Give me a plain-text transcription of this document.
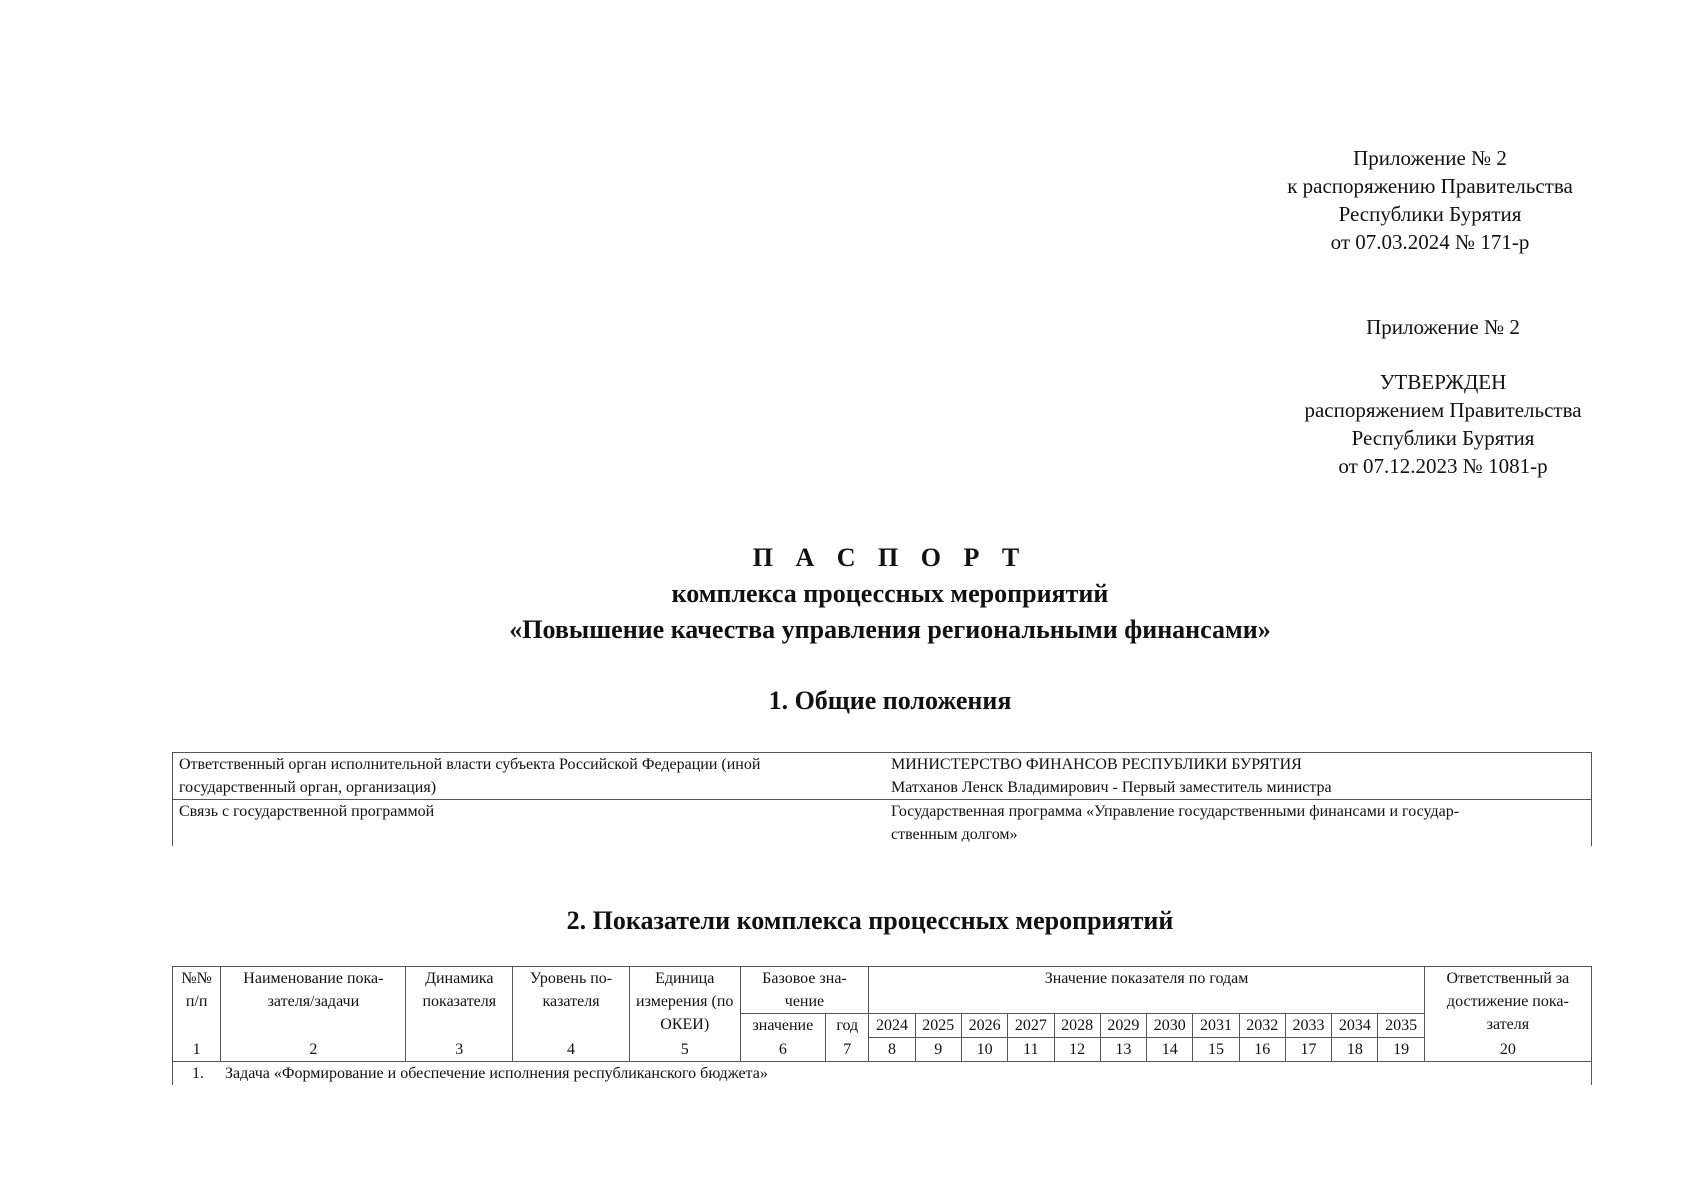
Приложение № 2
к распоряжению Правительства
Республики Бурятия
от 07.03.2024 № 171-р
Приложение № 2
УТВЕРЖДЕН
распоряжением Правительства
Республики Бурятия
от 07.12.2023 № 1081-р
П А С П О Р Т
комплекса процессных мероприятий
«Повышение качества управления региональными финансами»
1. Общие положения
Ответственный орган исполнительной власти субъекта Российской Федерации (иной государственный орган, организация)	МИНИСТЕРСТВО ФИНАНСОВ РЕСПУБЛИКИ БУРЯТИЯ
Матханов Ленск Владимирович - Первый заместитель министра

Связь с государственной программой	Государственная программа «Управление государственными финансами и государ-
ственным долгом»
2. Показатели комплекса процессных мероприятий
№№ п/п	Наименование пока-зателя/задачи	Динамика показателя	Уровень по-казателя	Единица измерения (по ОКЕИ)	Базовое зна-чение		Значение показателя по годам												Ответственный за достижение пока-зателя

					значение	год	2024	2025	2026	2027	2028	2029	2030	2031	2032	2033	2034	2035	
1	2	3	4	5	6	7	8	9	10	11	12	13	14	15	16	17	18	19	20
1. Задача «Формирование и обеспечение исполнения республиканского бюджета»																			
